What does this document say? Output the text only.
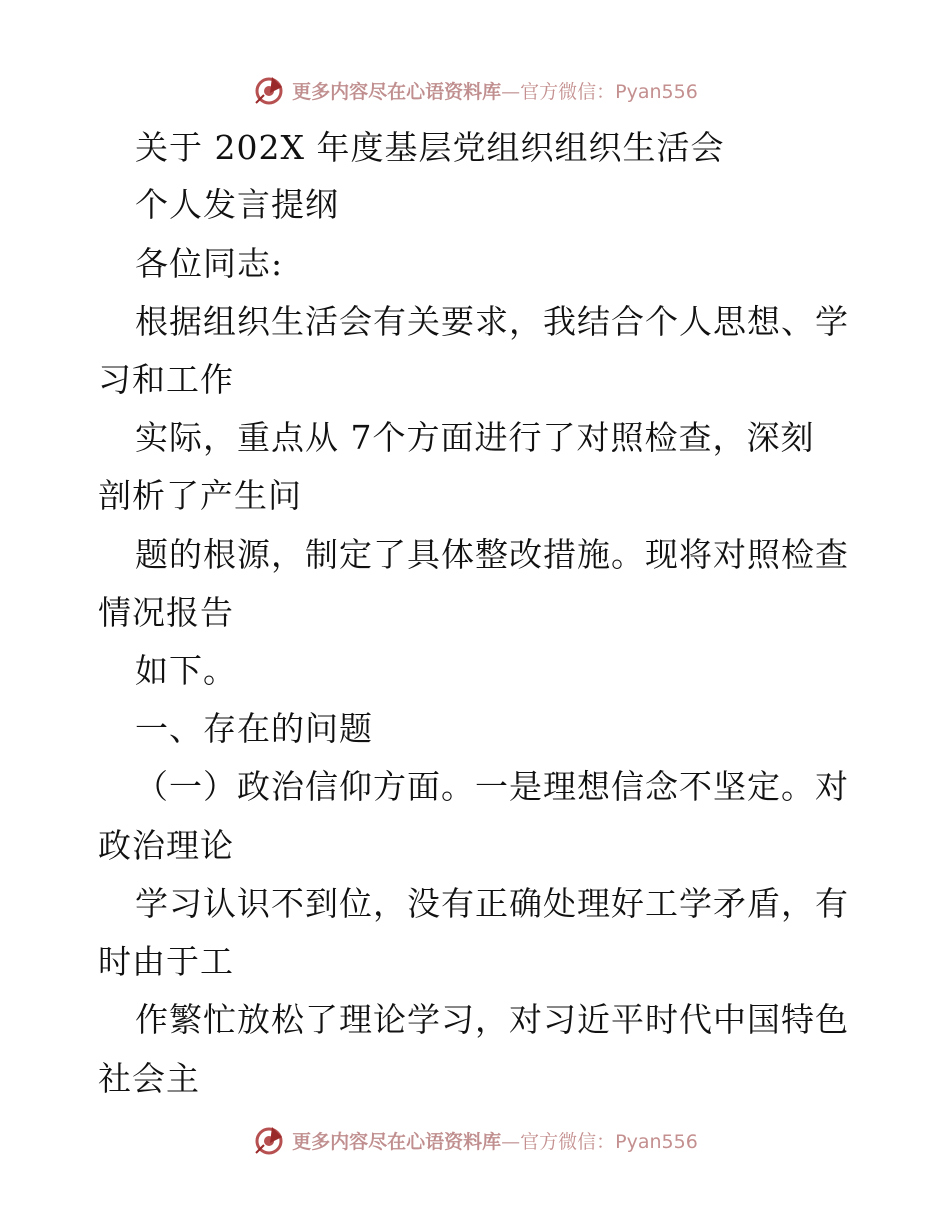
更多内容尽在心语资料库—官方微信：Pyan556
关于 202X 年度基层党组织组织生活会
个人发言提纲
各位同志:
根据组织生活会有关要求，我结合个人思想、学
习和工作
实际，重点从 7个方面进行了对照检查，深刻
剖析了产生问
题的根源，制定了具体整改措施。现将对照检查
情况报告
如下。
一、存在的问题
（一）政治信仰方面。一是理想信念不坚定。对
政治理论
学习认识不到位，没有正确处理好工学矛盾，有
时由于工
作繁忙放松了理论学习，对习近平时代中国特色
社会主
更多内容尽在心语资料库—官方微信：Pyan556
